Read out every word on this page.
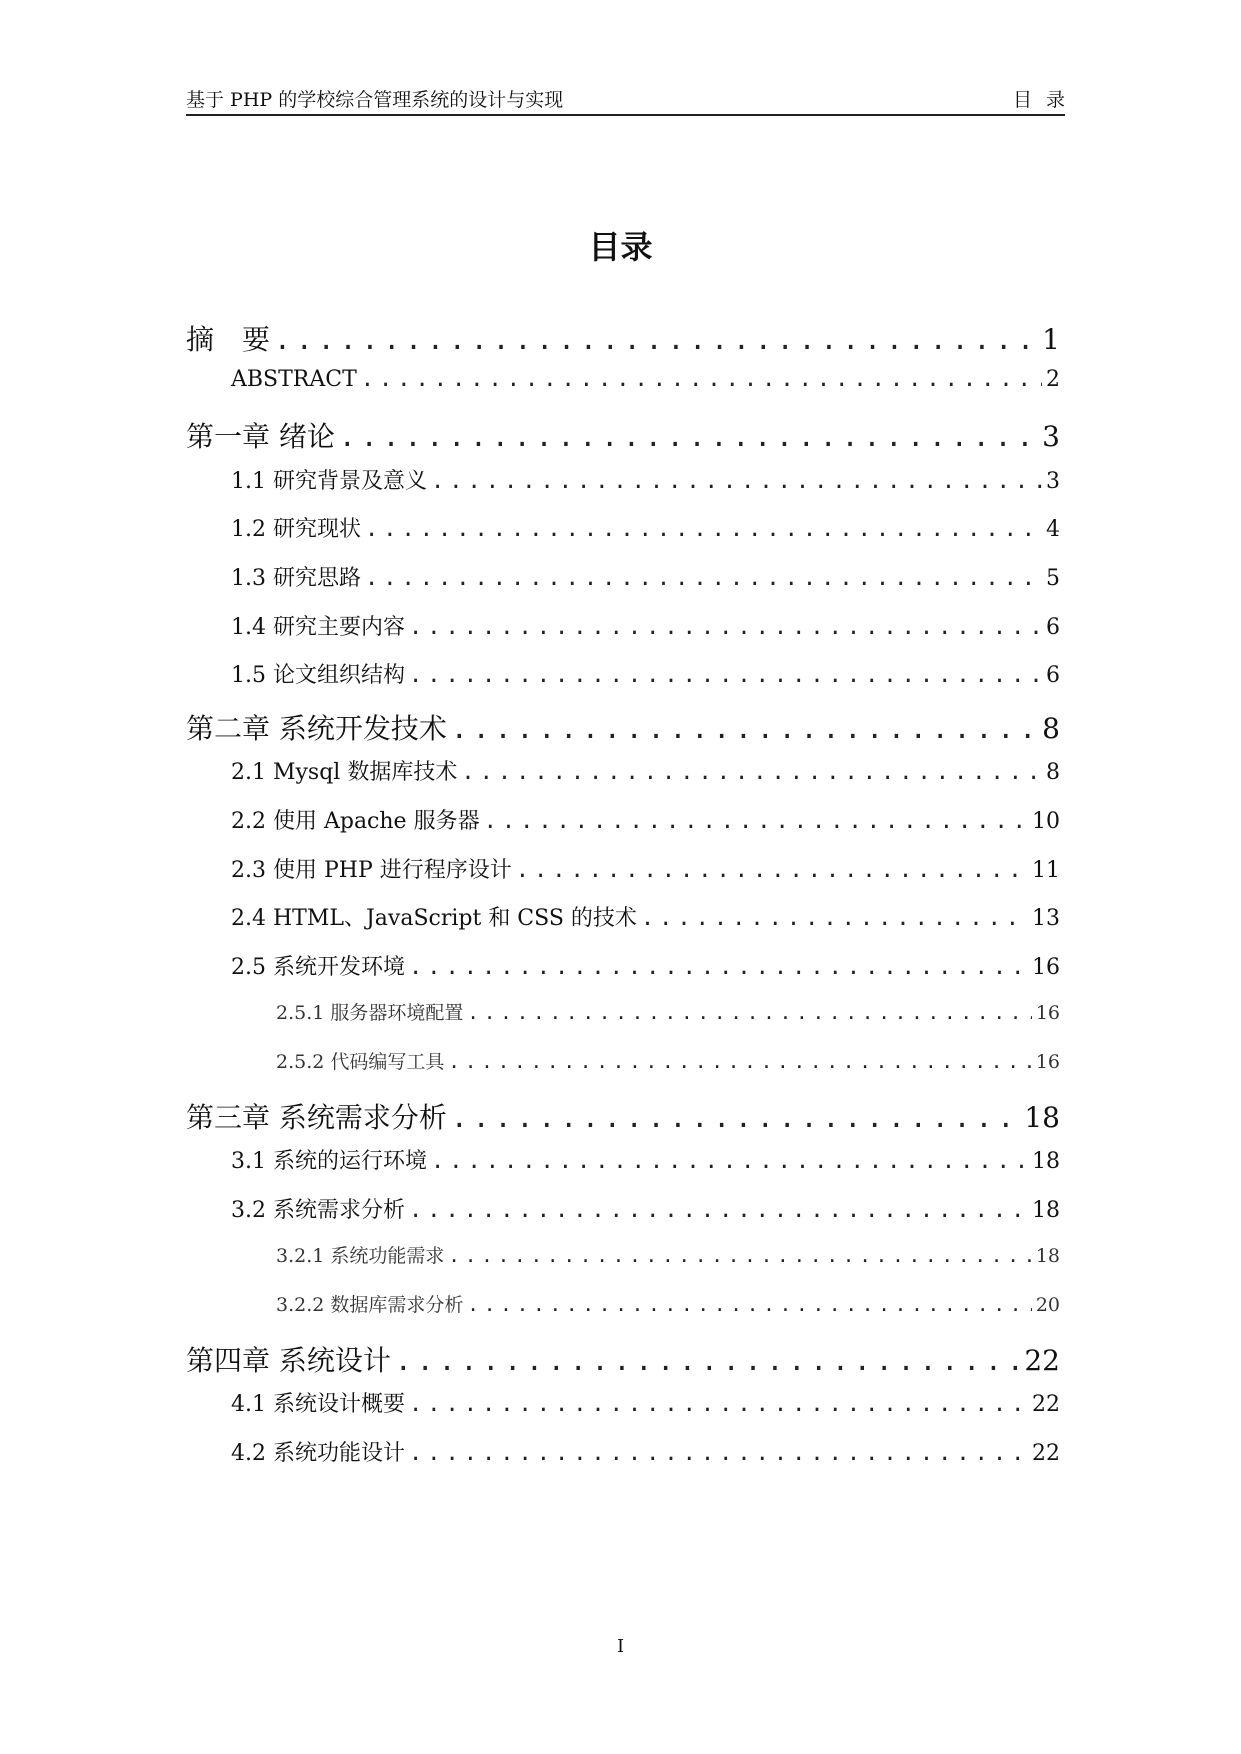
基于 PHP 的学校综合管理系统的设计与实现	目录
目录
摘　要 .....	1
ABSTRACT .....	2
第一章 绪论 .....	3
1.1 研究背景及意义 .....	3
1.2 研究现状 .....	4
1.3 研究思路 .....	5
1.4 研究主要内容 .....	6
1.5 论文组织结构 .....	6
第二章 系统开发技术 .....	8
2.1 Mysql 数据库技术 .....	8
2.2 使用 Apache 服务器 .....	10
2.3 使用 PHP 进行程序设计 .....	11
2.4 HTML、JavaScript 和 CSS 的技术 .....	13
2.5 系统开发环境 .....	16
2.5.1 服务器环境配置 .....	16
2.5.2 代码编写工具 .....	16
第三章 系统需求分析 .....	18
3.1 系统的运行环境 .....	18
3.2 系统需求分析 .....	18
3.2.1 系统功能需求 .....	18
3.2.2 数据库需求分析 .....	20
第四章 系统设计 .....	22
4.1 系统设计概要 .....	22
4.2 系统功能设计 .....	22
I
